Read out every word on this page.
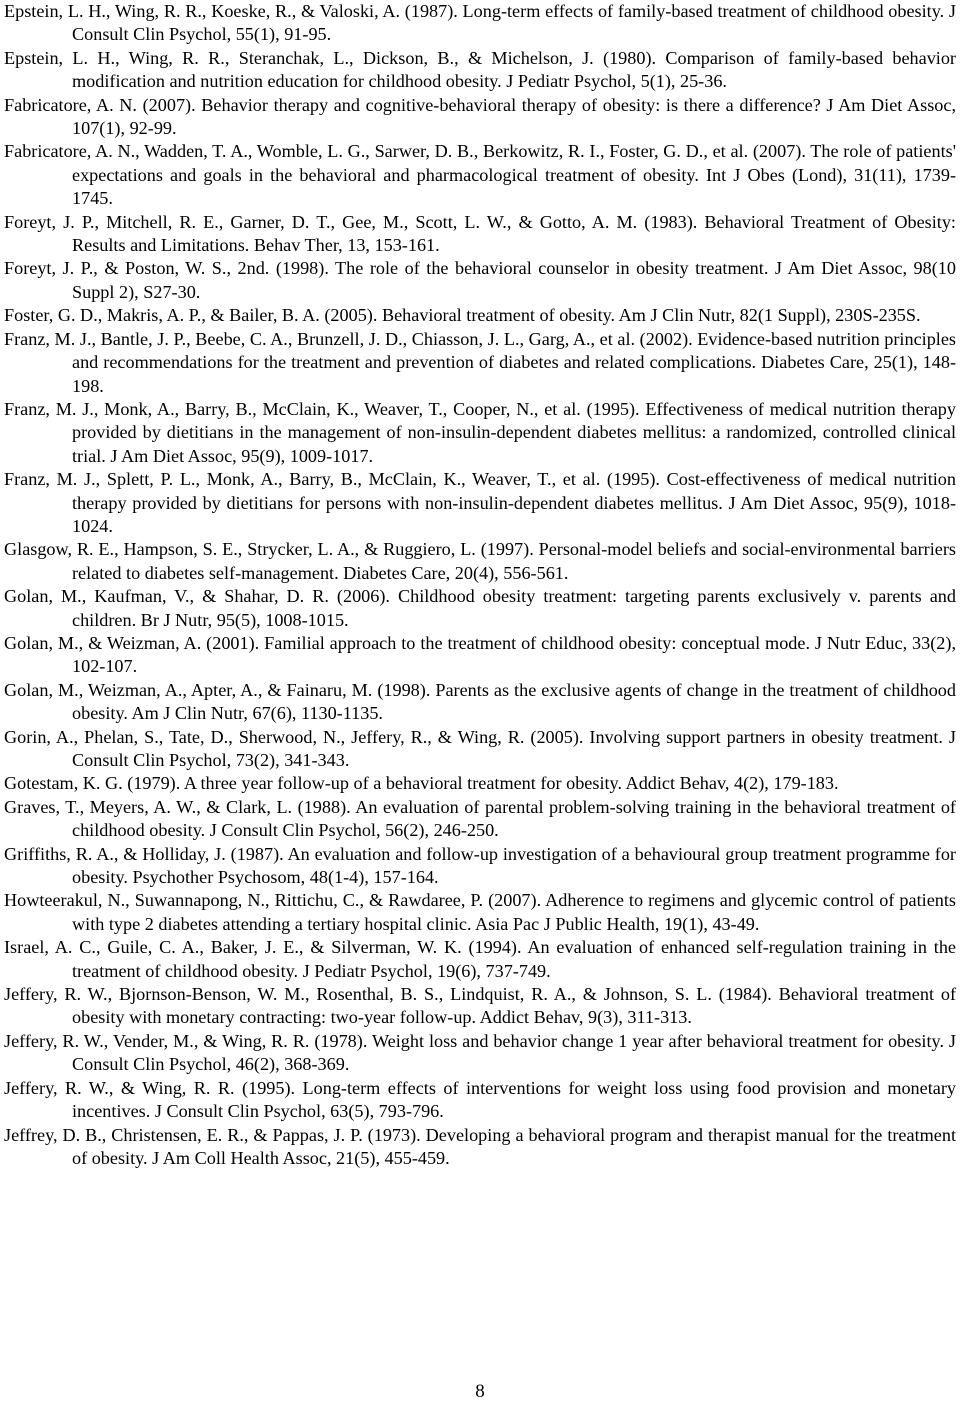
Epstein, L. H., Wing, R. R., Koeske, R., & Valoski, A. (1987). Long-term effects of family-based treatment of childhood obesity. J Consult Clin Psychol, 55(1), 91-95.
Epstein, L. H., Wing, R. R., Steranchak, L., Dickson, B., & Michelson, J. (1980). Comparison of family-based behavior modification and nutrition education for childhood obesity. J Pediatr Psychol, 5(1), 25-36.
Fabricatore, A. N. (2007). Behavior therapy and cognitive-behavioral therapy of obesity: is there a difference? J Am Diet Assoc, 107(1), 92-99.
Fabricatore, A. N., Wadden, T. A., Womble, L. G., Sarwer, D. B., Berkowitz, R. I., Foster, G. D., et al. (2007). The role of patients' expectations and goals in the behavioral and pharmacological treatment of obesity. Int J Obes (Lond), 31(11), 1739-1745.
Foreyt, J. P., Mitchell, R. E., Garner, D. T., Gee, M., Scott, L. W., & Gotto, A. M. (1983). Behavioral Treatment of Obesity: Results and Limitations. Behav Ther, 13, 153-161.
Foreyt, J. P., & Poston, W. S., 2nd. (1998). The role of the behavioral counselor in obesity treatment. J Am Diet Assoc, 98(10 Suppl 2), S27-30.
Foster, G. D., Makris, A. P., & Bailer, B. A. (2005). Behavioral treatment of obesity. Am J Clin Nutr, 82(1 Suppl), 230S-235S.
Franz, M. J., Bantle, J. P., Beebe, C. A., Brunzell, J. D., Chiasson, J. L., Garg, A., et al. (2002). Evidence-based nutrition principles and recommendations for the treatment and prevention of diabetes and related complications. Diabetes Care, 25(1), 148-198.
Franz, M. J., Monk, A., Barry, B., McClain, K., Weaver, T., Cooper, N., et al. (1995). Effectiveness of medical nutrition therapy provided by dietitians in the management of non-insulin-dependent diabetes mellitus: a randomized, controlled clinical trial. J Am Diet Assoc, 95(9), 1009-1017.
Franz, M. J., Splett, P. L., Monk, A., Barry, B., McClain, K., Weaver, T., et al. (1995). Cost-effectiveness of medical nutrition therapy provided by dietitians for persons with non-insulin-dependent diabetes mellitus. J Am Diet Assoc, 95(9), 1018-1024.
Glasgow, R. E., Hampson, S. E., Strycker, L. A., & Ruggiero, L. (1997). Personal-model beliefs and social-environmental barriers related to diabetes self-management. Diabetes Care, 20(4), 556-561.
Golan, M., Kaufman, V., & Shahar, D. R. (2006). Childhood obesity treatment: targeting parents exclusively v. parents and children. Br J Nutr, 95(5), 1008-1015.
Golan, M., & Weizman, A. (2001). Familial approach to the treatment of childhood obesity: conceptual mode. J Nutr Educ, 33(2), 102-107.
Golan, M., Weizman, A., Apter, A., & Fainaru, M. (1998). Parents as the exclusive agents of change in the treatment of childhood obesity. Am J Clin Nutr, 67(6), 1130-1135.
Gorin, A., Phelan, S., Tate, D., Sherwood, N., Jeffery, R., & Wing, R. (2005). Involving support partners in obesity treatment. J Consult Clin Psychol, 73(2), 341-343.
Gotestam, K. G. (1979). A three year follow-up of a behavioral treatment for obesity. Addict Behav, 4(2), 179-183.
Graves, T., Meyers, A. W., & Clark, L. (1988). An evaluation of parental problem-solving training in the behavioral treatment of childhood obesity. J Consult Clin Psychol, 56(2), 246-250.
Griffiths, R. A., & Holliday, J. (1987). An evaluation and follow-up investigation of a behavioural group treatment programme for obesity. Psychother Psychosom, 48(1-4), 157-164.
Howteerakul, N., Suwannapong, N., Rittichu, C., & Rawdaree, P. (2007). Adherence to regimens and glycemic control of patients with type 2 diabetes attending a tertiary hospital clinic. Asia Pac J Public Health, 19(1), 43-49.
Israel, A. C., Guile, C. A., Baker, J. E., & Silverman, W. K. (1994). An evaluation of enhanced self-regulation training in the treatment of childhood obesity. J Pediatr Psychol, 19(6), 737-749.
Jeffery, R. W., Bjornson-Benson, W. M., Rosenthal, B. S., Lindquist, R. A., & Johnson, S. L. (1984). Behavioral treatment of obesity with monetary contracting: two-year follow-up. Addict Behav, 9(3), 311-313.
Jeffery, R. W., Vender, M., & Wing, R. R. (1978). Weight loss and behavior change 1 year after behavioral treatment for obesity. J Consult Clin Psychol, 46(2), 368-369.
Jeffery, R. W., & Wing, R. R. (1995). Long-term effects of interventions for weight loss using food provision and monetary incentives. J Consult Clin Psychol, 63(5), 793-796.
Jeffrey, D. B., Christensen, E. R., & Pappas, J. P. (1973). Developing a behavioral program and therapist manual for the treatment of obesity. J Am Coll Health Assoc, 21(5), 455-459.
8
